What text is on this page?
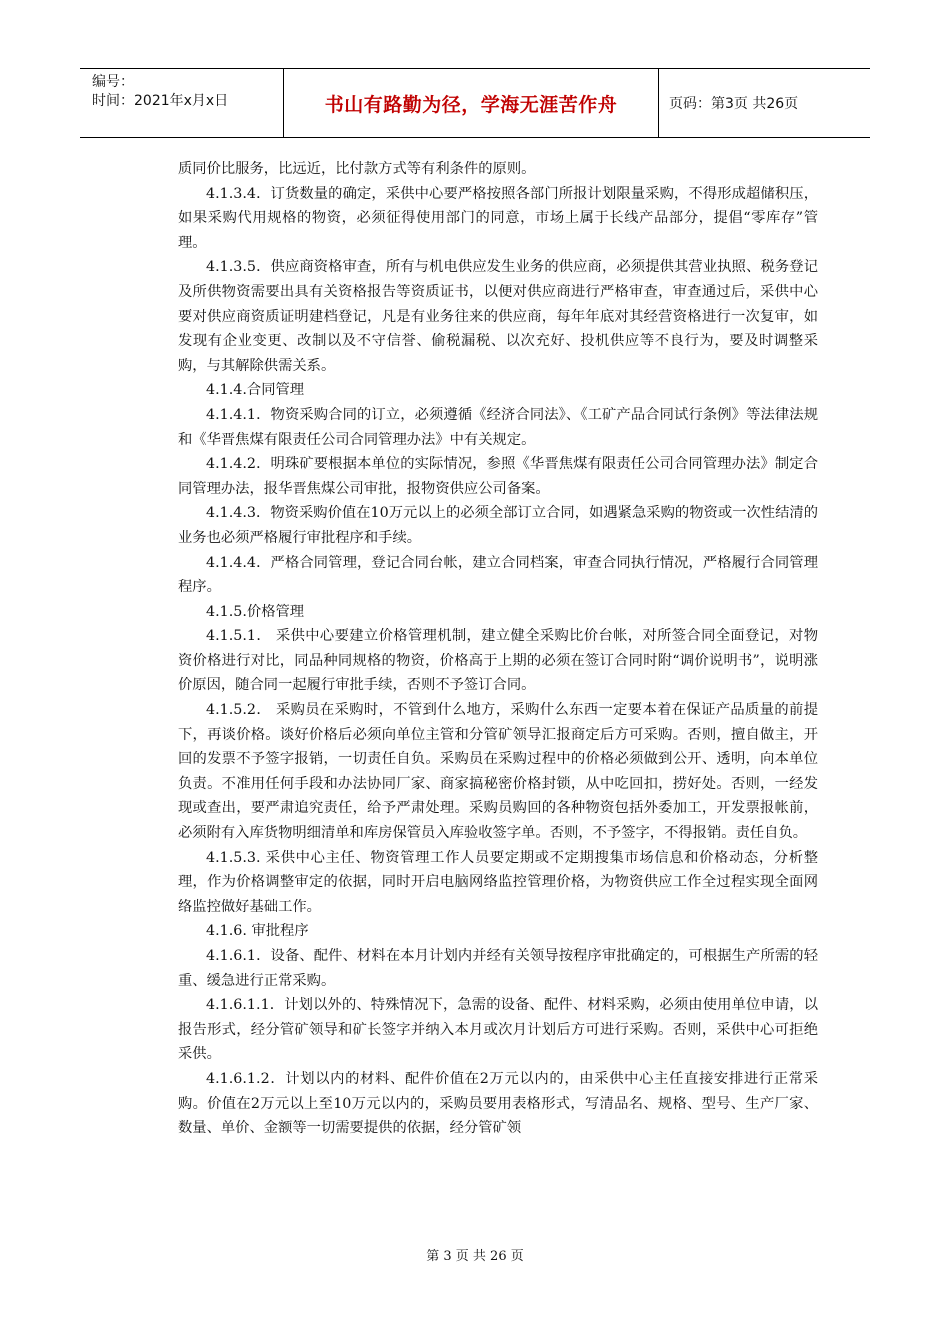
编号：
时间：2021年x月x日	书山有路勤为径，学海无涯苦作舟	页码：第3页 共26页

质同价比服务，比远近，比付款方式等有利条件的原则。

4.1.3.4．订货数量的确定，采供中心要严格按照各部门所报计划限量采购，不得形成超储积压，如果采购代用规格的物资，必须征得使用部门的同意，市场上属于长线产品部分，提倡“零库存”管理。

4.1.3.5．供应商资格审查，所有与机电供应发生业务的供应商，必须提供其营业执照、税务登记及所供物资需要出具有关资格报告等资质证书，以便对供应商进行严格审查，审查通过后，采供中心要对供应商资质证明建档登记，凡是有业务往来的供应商，每年年底对其经营资格进行一次复审，如发现有企业变更、改制以及不守信誉、偷税漏税、以次充好、投机供应等不良行为，要及时调整采购，与其解除供需关系。

4.1.4.合同管理

4.1.4.1．物资采购合同的订立，必须遵循《经济合同法》、《工矿产品合同试行条例》等法律法规和《华晋焦煤有限责任公司合同管理办法》中有关规定。

4.1.4.2．明珠矿要根据本单位的实际情况，参照《华晋焦煤有限责任公司合同管理办法》制定合同管理办法，报华晋焦煤公司审批，报物资供应公司备案。

4.1.4.3．物资采购价值在10万元以上的必须全部订立合同，如遇紧急采购的物资或一次性结清的业务也必须严格履行审批程序和手续。

4.1.4.4．严格合同管理，登记合同台帐，建立合同档案，审查合同执行情况，严格履行合同管理程序。

4.1.5.价格管理

4.1.5.1． 采供中心要建立价格管理机制，建立健全采购比价台帐，对所签合同全面登记，对物资价格进行对比，同品种同规格的物资，价格高于上期的必须在签订合同时附“调价说明书”，说明涨价原因，随合同一起履行审批手续，否则不予签订合同。

4.1.5.2． 采购员在采购时，不管到什么地方，采购什么东西一定要本着在保证产品质量的前提下，再谈价格。谈好价格后必须向单位主管和分管矿领导汇报商定后方可采购。否则，擅自做主，开回的发票不予签字报销，一切责任自负。采购员在采购过程中的价格必须做到公开、透明，向本单位负责。不准用任何手段和办法协同厂家、商家搞秘密价格封锁，从中吃回扣，捞好处。否则，一经发现或查出，要严肃追究责任，给予严肃处理。采购员购回的各种物资包括外委加工，开发票报帐前，必须附有入库货物明细清单和库房保管员入库验收签字单。否则，不予签字，不得报销。责任自负。

4.1.5.3. 采供中心主任、物资管理工作人员要定期或不定期搜集市场信息和价格动态，分析整理，作为价格调整审定的依据，同时开启电脑网络监控管理价格，为物资供应工作全过程实现全面网络监控做好基础工作。

4.1.6. 审批程序

4.1.6.1．设备、配件、材料在本月计划内并经有关领导按程序审批确定的，可根据生产所需的轻重、缓急进行正常采购。

4.1.6.1.1．计划以外的、特殊情况下，急需的设备、配件、材料采购，必须由使用单位申请，以报告形式，经分管矿领导和矿长签字并纳入本月或次月计划后方可进行采购。否则，采供中心可拒绝采供。

4.1.6.1.2．计划以内的材料、配件价值在2万元以内的，由采供中心主任直接安排进行正常采购。价值在2万元以上至10万元以内的，采购员要用表格形式，写清品名、规格、型号、生产厂家、数量、单价、金额等一切需要提供的依据，经分管矿领

第 3 页 共 26 页
